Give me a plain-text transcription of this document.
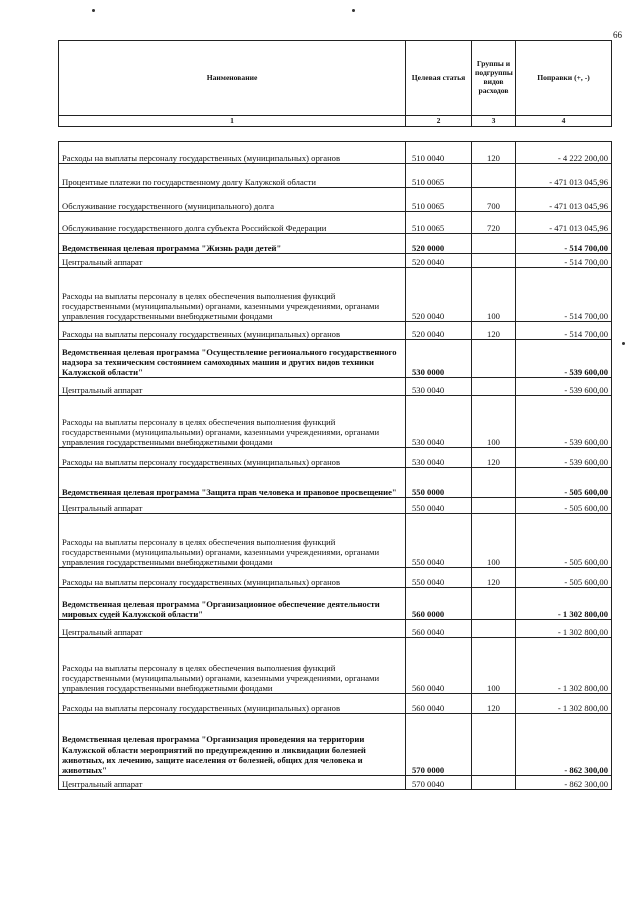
66
Наименование	Целевая статья	Группы и подгруппы видов расходов	Поправки (+, -)
1	2	3	4

Расходы на выплаты персоналу государственных (муниципальных) органов	510 0040	120	- 4 222 200,00
Процентные платежи по государственному долгу Калужской области	510 0065		- 471 013 045,96
Обслуживание государственного (муниципального) долга	510 0065	700	- 471 013 045,96
Обслуживание государственного долга субъекта Российской Федерации	510 0065	720	- 471 013 045,96
Ведомственная целевая программа "Жизнь ради детей"	520 0000		- 514 700,00
Центральный аппарат	520 0040		- 514 700,00
Расходы на выплаты персоналу в целях обеспечения выполнения функций государственными (муниципальными) органами, казенными учреждениями, органами управления государственными внебюджетными фондами	520 0040	100	- 514 700,00
Расходы на выплаты персоналу государственных (муниципальных) органов	520 0040	120	- 514 700,00
Ведомственная целевая программа "Осуществление регионального государственного надзора за техническим состоянием самоходных машин и других видов техники Калужской области"	530 0000		- 539 600,00
Центральный аппарат	530 0040		- 539 600,00
Расходы на выплаты персоналу в целях обеспечения выполнения функций государственными (муниципальными) органами, казенными учреждениями, органами управления государственными внебюджетными фондами	530 0040	100	- 539 600,00
Расходы на выплаты персоналу государственных (муниципальных) органов	530 0040	120	- 539 600,00
Ведомственная целевая программа "Защита прав человека и правовое просвещение"	550 0000		- 505 600,00
Центральный аппарат	550 0040		- 505 600,00
Расходы на выплаты персоналу в целях обеспечения выполнения функций государственными (муниципальными) органами, казенными учреждениями, органами управления государственными внебюджетными фондами	550 0040	100	- 505 600,00
Расходы на выплаты персоналу государственных (муниципальных) органов	550 0040	120	- 505 600,00
Ведомственная целевая программа "Организационное обеспечение деятельности мировых судей Калужской области"	560 0000		- 1 302 800,00
Центральный аппарат	560 0040		- 1 302 800,00
Расходы на выплаты персоналу в целях обеспечения выполнения функций государственными (муниципальными) органами, казенными учреждениями, органами управления государственными внебюджетными фондами	560 0040	100	- 1 302 800,00
Расходы на выплаты персоналу государственных (муниципальных) органов	560 0040	120	- 1 302 800,00
Ведомственная целевая программа "Организация проведения на территории Калужской области мероприятий по предупреждению и ликвидации болезней животных, их лечению, защите населения от болезней, общих для человека и животных"	570 0000		- 862 300,00
Центральный аппарат	570 0040		- 862 300,00
